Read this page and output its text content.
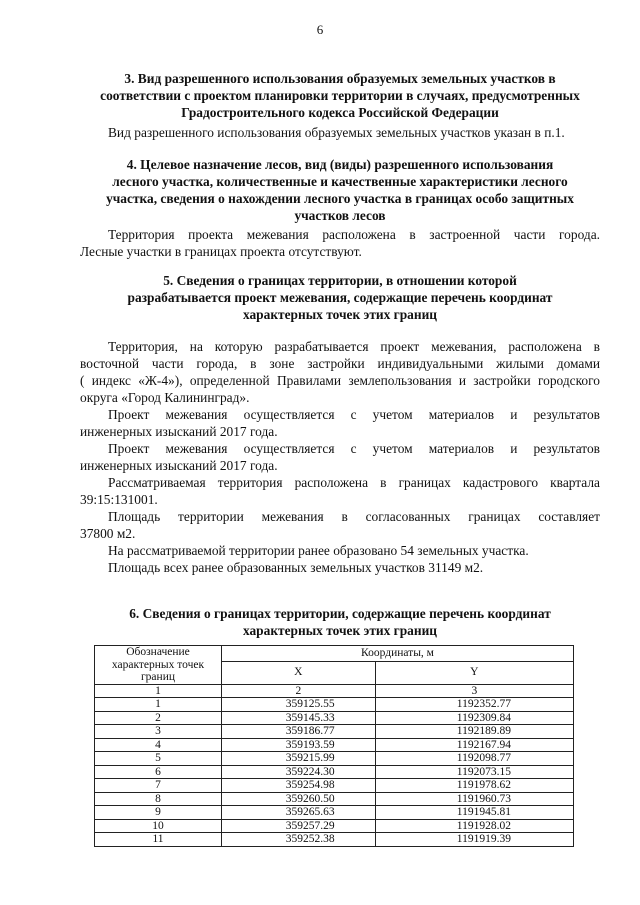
6
3. Вид разрешенного использования образуемых земельных участков в
соответствии с проектом планировки территории в случаях, предусмотренных
Градостроительного кодекса Российской Федерации
Вид разрешенного использования образуемых земельных участков указан в п.1.
4. Целевое назначение лесов, вид (виды) разрешенного использования
лесного участка, количественные и качественные характеристики лесного
участка, сведения о нахождении лесного участка в границах особо защитных
участков лесов
Территория проекта межевания расположена в застроенной части города.
Лесные участки в границах проекта отсутствуют.
5. Сведения о границах территории, в отношении которой
разрабатывается проект межевания, содержащие перечень координат
характерных точек этих границ
Территория, на которую разрабатывается проект межевания, расположена в
восточной части города, в зоне застройки индивидуальными жилыми домами
( индекс «Ж-4»), определенной Правилами землепользования и застройки городского
округа «Город Калининград».
Проект межевания осуществляется с учетом материалов и результатов
инженерных изысканий 2017 года.
Проект межевания осуществляется с учетом материалов и результатов
инженерных изысканий 2017 года.
Рассматриваемая территория расположена в границах кадастрового квартала
39:15:131001.
Площадь территории межевания в согласованных границах составляет
37800 м2.
На рассматриваемой территории ранее образовано 54 земельных участка.
Площадь всех ранее образованных земельных участков 31149 м2.
6. Сведения о границах территории, содержащие перечень координат
характерных точек этих границ
Обозначение характерных точек границ	Координаты, м	
	X	Y
1	2	3
1	359125.55	1192352.77
2	359145.33	1192309.84
3	359186.77	1192189.89
4	359193.59	1192167.94
5	359215.99	1192098.77
6	359224.30	1192073.15
7	359254.98	1191978.62
8	359260.50	1191960.73
9	359265.63	1191945.81
10	359257.29	1191928.02
11	359252.38	1191919.39
